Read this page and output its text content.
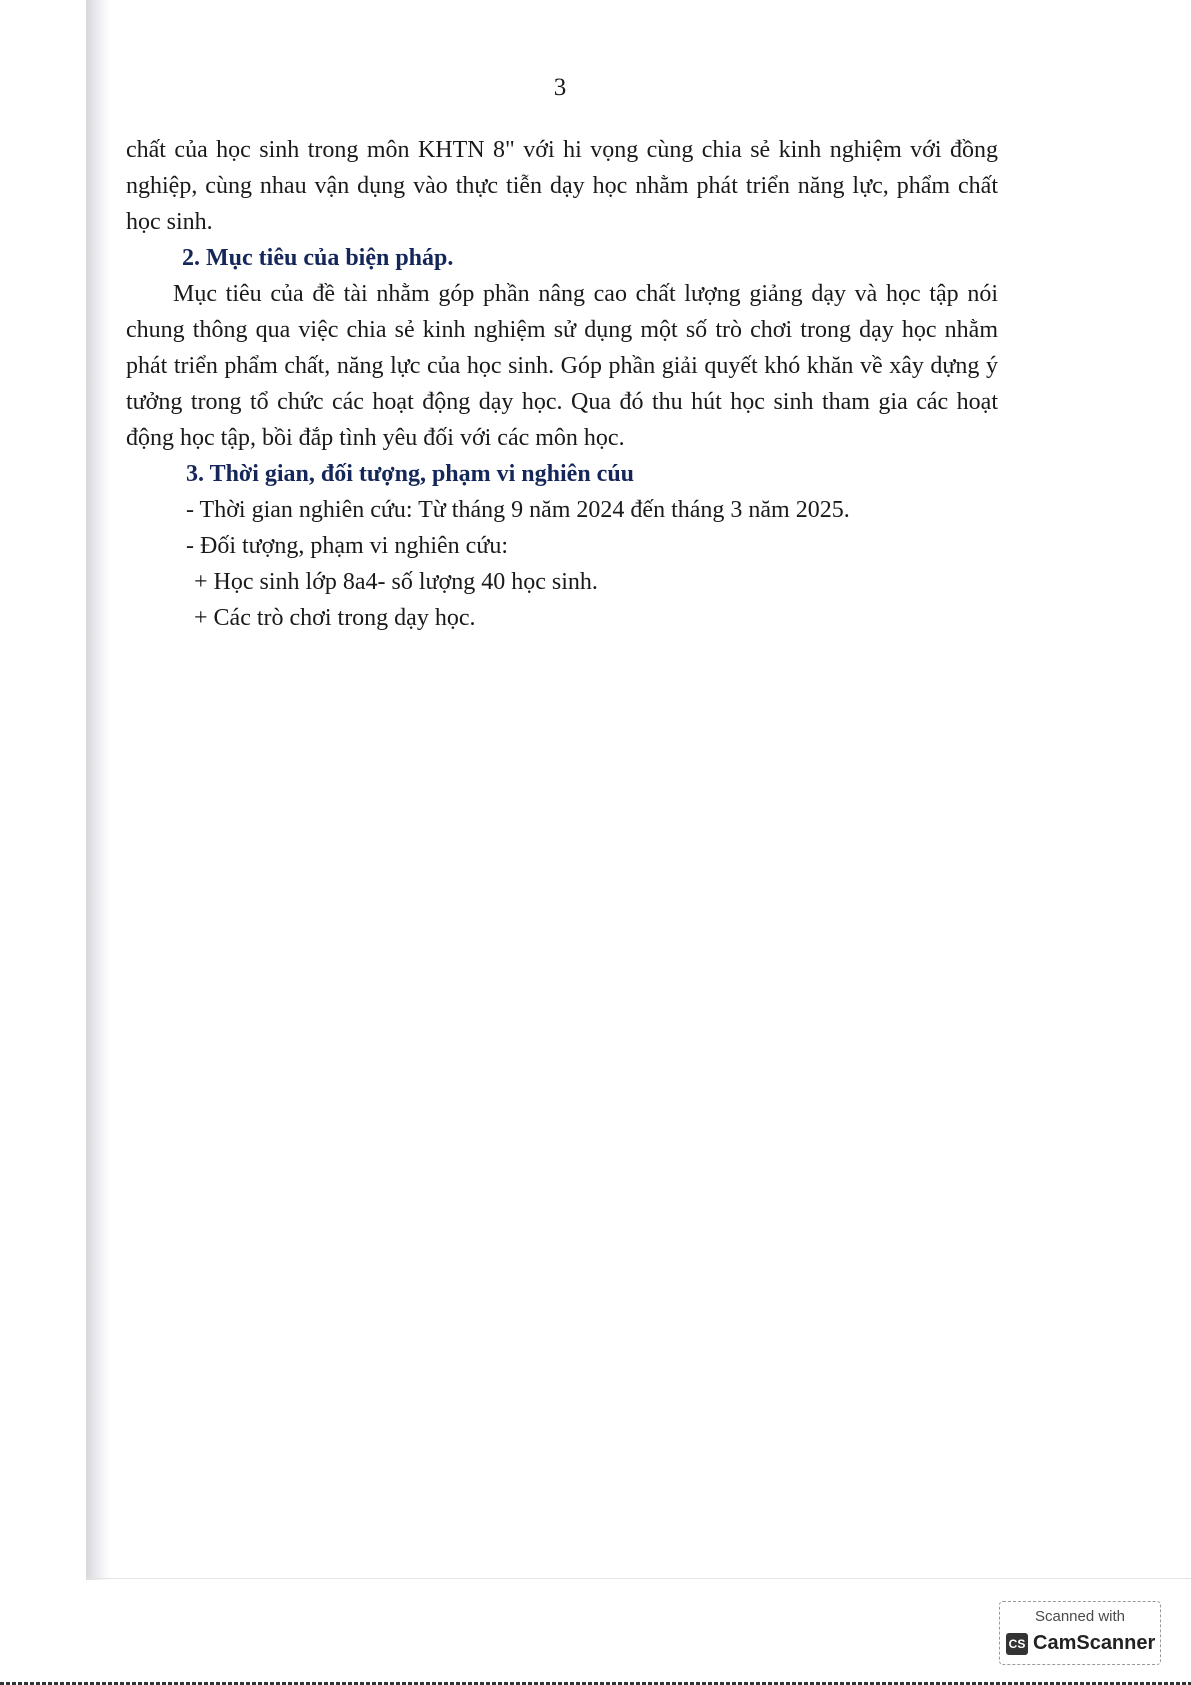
3

chất của học sinh trong môn KHTN 8" với hi vọng cùng chia sẻ kinh nghiệm với đồng nghiệp, cùng nhau vận dụng vào thực tiễn dạy học nhằm phát triển năng lực, phẩm chất học sinh.

2. Mục tiêu của biện pháp.

Mục tiêu của đề tài nhằm góp phần nâng cao chất lượng giảng dạy và học tập nói chung thông qua việc chia sẻ kinh nghiệm sử dụng một số trò chơi trong dạy học nhằm phát triển phẩm chất, năng lực của học sinh. Góp phần giải quyết khó khăn về xây dựng ý tưởng trong tổ chức các hoạt động dạy học. Qua đó thu hút học sinh tham gia các hoạt động học tập, bồi đắp tình yêu đối với các môn học.

3. Thời gian, đối tượng, phạm vi nghiên cúu

- Thời gian nghiên cứu: Từ tháng 9 năm 2024 đến tháng 3 năm 2025.

- Đối tượng, phạm vi nghiên cứu:

+ Học sinh lớp 8a4- số lượng 40 học sinh.

+ Các trò chơi trong dạy học.

Scanned with
CS CamScanner
